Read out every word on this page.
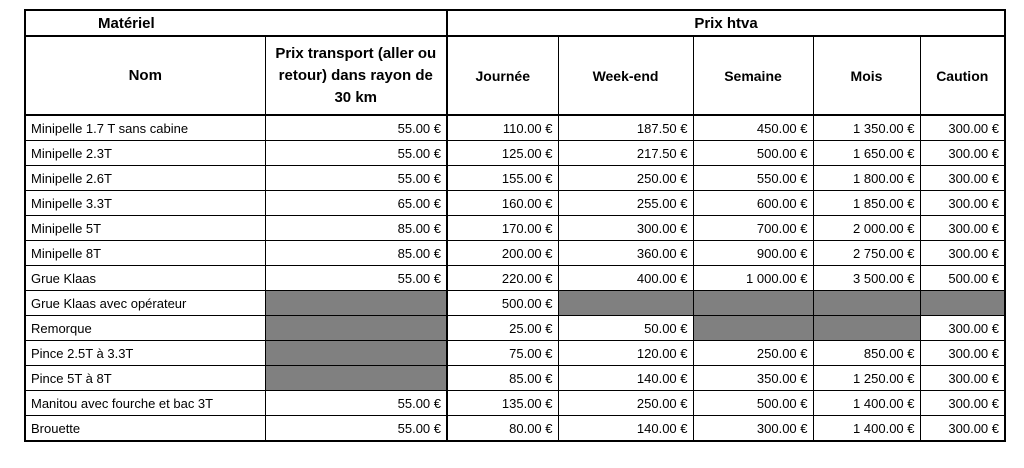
Matériel		Prix htva				
Nom	Prix transport (aller ou retour) dans rayon de 30 km	Journée	Week-end	Semaine	Mois	Caution
Minipelle 1.7 T sans cabine	55.00 €	110.00 €	187.50 €	450.00 €	1 350.00 €	300.00 €
Minipelle 2.3T	55.00 €	125.00 €	217.50 €	500.00 €	1 650.00 €	300.00 €
Minipelle 2.6T	55.00 €	155.00 €	250.00 €	550.00 €	1 800.00 €	300.00 €
Minipelle 3.3T	65.00 €	160.00 €	255.00 €	600.00 €	1 850.00 €	300.00 €
Minipelle 5T	85.00 €	170.00 €	300.00 €	700.00 €	2 000.00 €	300.00 €
Minipelle 8T	85.00 €	200.00 €	360.00 €	900.00 €	2 750.00 €	300.00 €
Grue Klaas	55.00 €	220.00 €	400.00 €	1 000.00 €	3 500.00 €	500.00 €
Grue Klaas avec opérateur		500.00 €				
Remorque		25.00 €	50.00 €			300.00 €
Pince 2.5T à 3.3T		75.00 €	120.00 €	250.00 €	850.00 €	300.00 €
Pince 5T à 8T		85.00 €	140.00 €	350.00 €	1 250.00 €	300.00 €
Manitou avec fourche et bac 3T	55.00 €	135.00 €	250.00 €	500.00 €	1 400.00 €	300.00 €
Brouette	55.00 €	80.00 €	140.00 €	300.00 €	1 400.00 €	300.00 €
